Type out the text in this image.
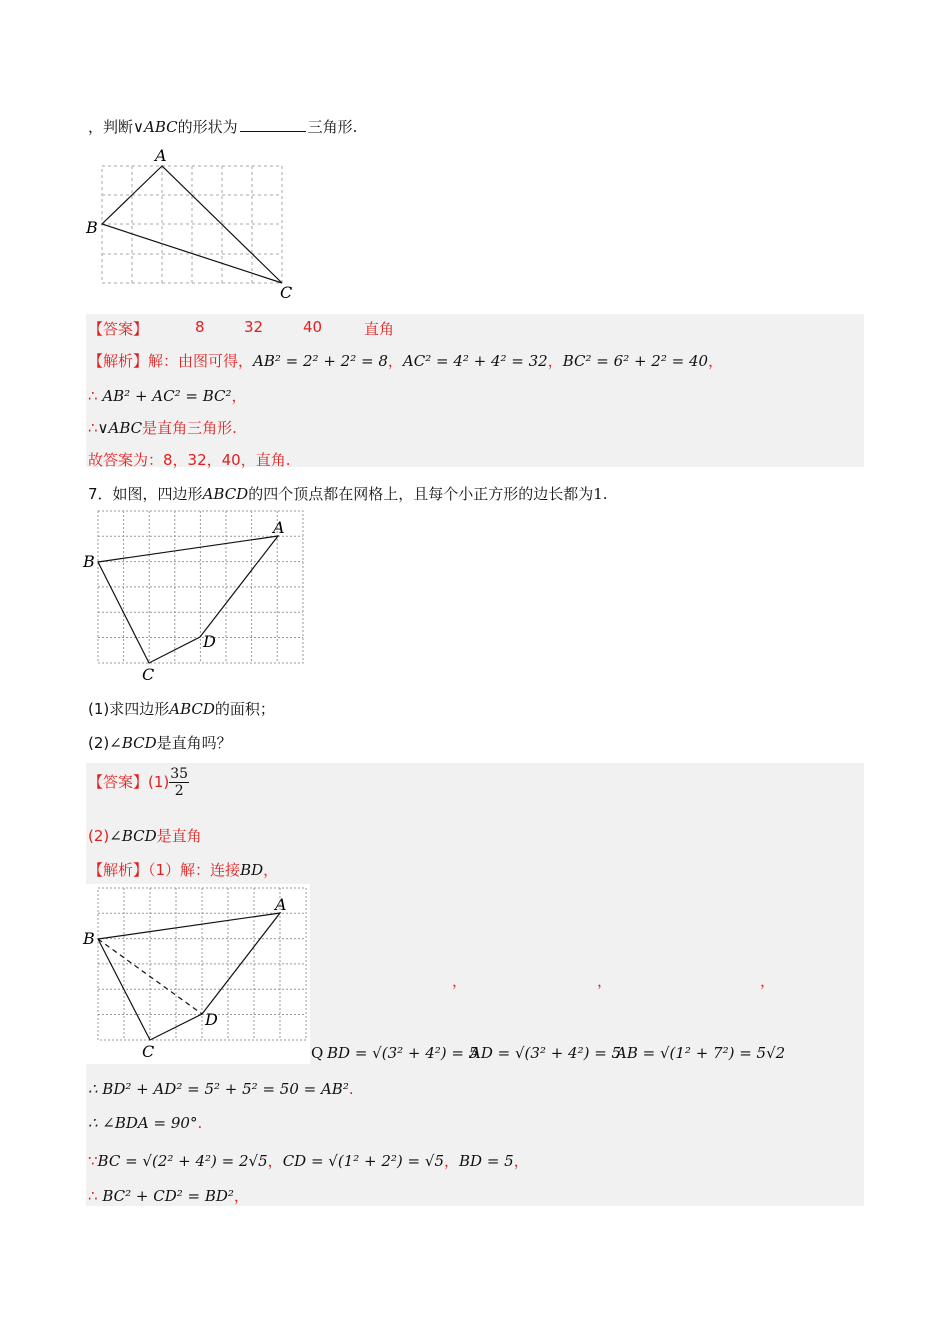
，判断∨ABC的形状为	三角形.
A
B
C
【答案】	8	32	40	直角
【解析】解：由图可得，AB² = 2² + 2² = 8，AC² = 4² + 4² = 32，BC² = 6² + 2² = 40，
∴ AB² + AC² = BC²，
∴∨ABC是直角三角形.
故答案为：8，32，40，直角.
7．如图，四边形ABCD的四个顶点都在网格上，且每个小正方形的边长都为1.
A
B
C
D
(1)求四边形ABCD的面积；
(2)∠BCD是直角吗？
【答案】$(1) \frac{35}{2}$
(2)∠BCD是直角
【解析】（1）解：连接BD，
A
B
C
D
，	，	，
Q BD = √(3² + 4²) = 5
AD = √(3² + 4²) = 5
AB = √(1² + 7²) = 5√2
∴ BD² + AD² = 5² + 5² = 50 = AB².
∴ ∠BDA = 90°.
∵BC = √(2² + 4²) = 2√5，CD = √(1² + 2²) = √5，BD = 5，
∴ BC² + CD² = BD²，
